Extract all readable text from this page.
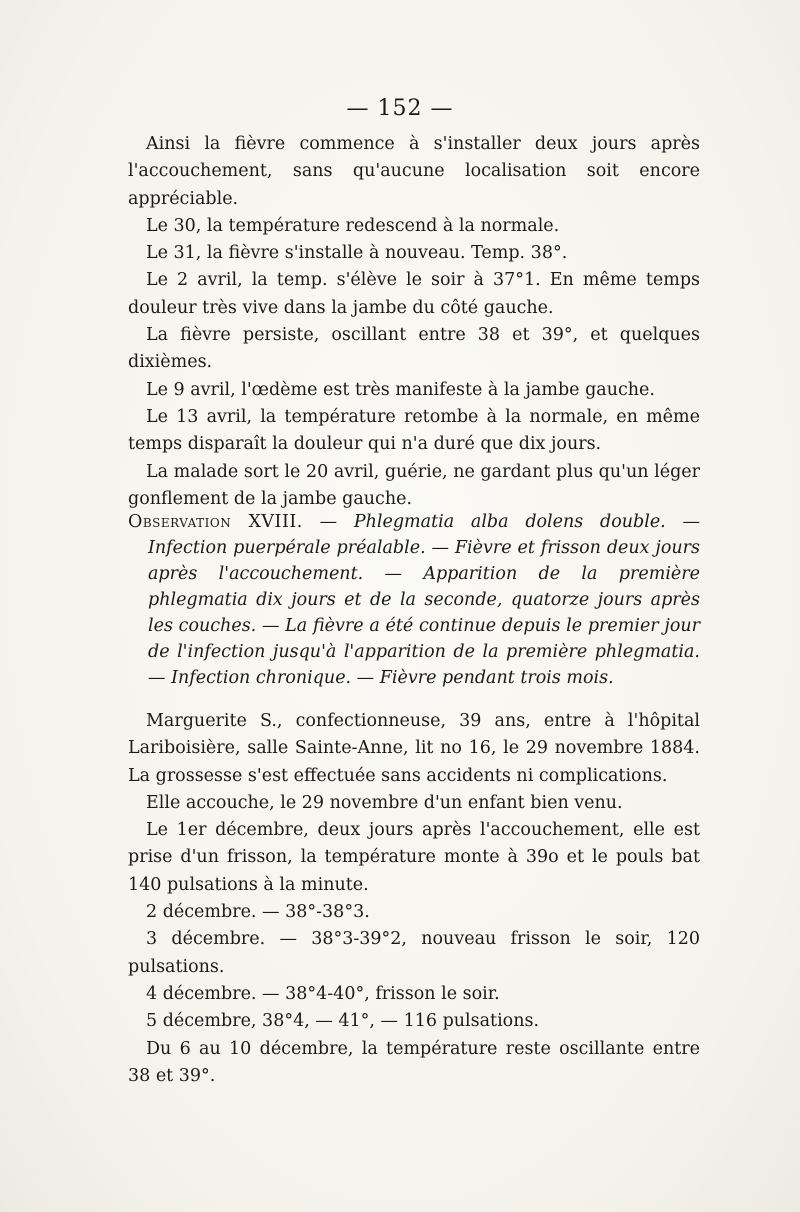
— 152 —

Ainsi la fièvre commence à s'installer deux jours après l'accouchement, sans qu'aucune localisation soit encore appréciable.

Le 30, la température redescend à la normale.

Le 31, la fièvre s'installe à nouveau. Temp. 38°.

Le 2 avril, la temp. s'élève le soir à 37°1. En même temps douleur très vive dans la jambe du côté gauche.

La fièvre persiste, oscillant entre 38 et 39°, et quelques dixièmes.

Le 9 avril, l'œdème est très manifeste à la jambe gauche.

Le 13 avril, la température retombe à la normale, en même temps disparaît la douleur qui n'a duré que dix jours.

La malade sort le 20 avril, guérie, ne gardant plus qu'un léger gonflement de la jambe gauche.

Observation XVIII. — Phlegmatia alba dolens double. — Infection puerpérale préalable. — Fièvre et frisson deux jours après l'accouchement. — Apparition de la première phlegmatia dix jours et de la seconde, quatorze jours après les couches. — La fièvre a été continue depuis le premier jour de l'infection jusqu'à l'apparition de la première phlegmatia. — Infection chronique. — Fièvre pendant trois mois.

Marguerite S., confectionneuse, 39 ans, entre à l'hôpital Lariboisière, salle Sainte-Anne, lit no 16, le 29 novembre 1884. La grossesse s'est effectuée sans accidents ni complications.

Elle accouche, le 29 novembre d'un enfant bien venu.

Le 1er décembre, deux jours après l'accouchement, elle est prise d'un frisson, la température monte à 39o et le pouls bat 140 pulsations à la minute.

2 décembre. — 38°-38°3.

3 décembre. — 38°3-39°2, nouveau frisson le soir, 120 pulsations.

4 décembre. — 38°4-40°, frisson le soir.

5 décembre, 38°4, — 41°, — 116 pulsations.

Du 6 au 10 décembre, la température reste oscillante entre 38 et 39°.
